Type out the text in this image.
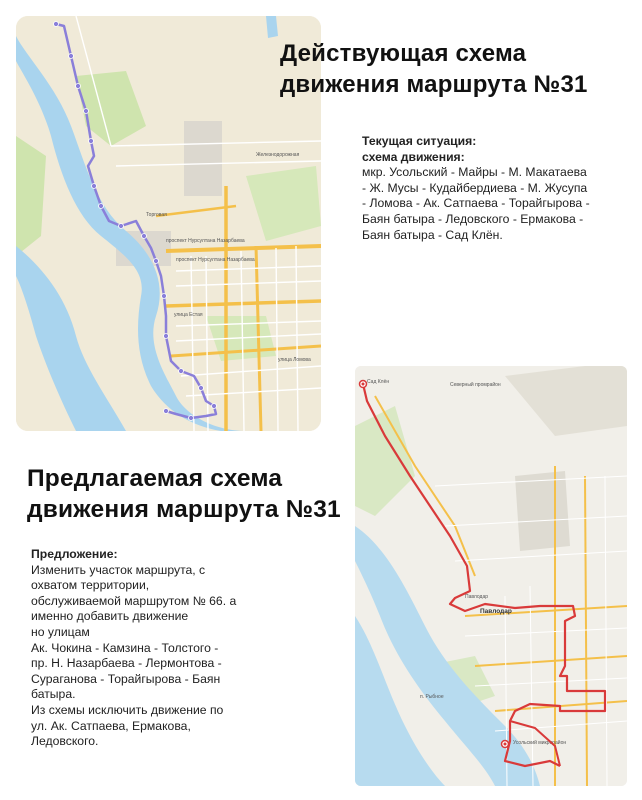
Торговая
проспект Нурсултана Назарбаева
проспект Нурсултана Назарбаева
улица Естая
улица Ломова
Железнодорожная
Действующая схема
движения маршрута №31
Текущая ситуация:
схема движения:
мкр. Усольский - Майры - М. Макатаева
- Ж. Мусы - Кудайбердиева - М. Жусупа
- Ломова - Ак. Сатпаева - Торайгырова -
Баян батыра - Ледовского - Ермакова -
Баян батыра - Сад Клён.
Предлагаемая схема
движения маршрута №31
Предложение:
Изменить участок маршрута, с
охватом территории,
обслуживаемой маршрутом № 66. а
именно добавить движение
но улицам
Ак. Чокина - Камзина - Толстого -
пр. Н. Назарбаева - Лермонтова -
Сураганова - Торайгырова - Баян
батыра.
Из схемы исключить движение по
ул. Ак. Сатпаева, Ермакова,
Ледовского.
Сад Клён	Северный промрайон
Павлодар
Усольский микрорайон
п. Рыбное
Павлодар
